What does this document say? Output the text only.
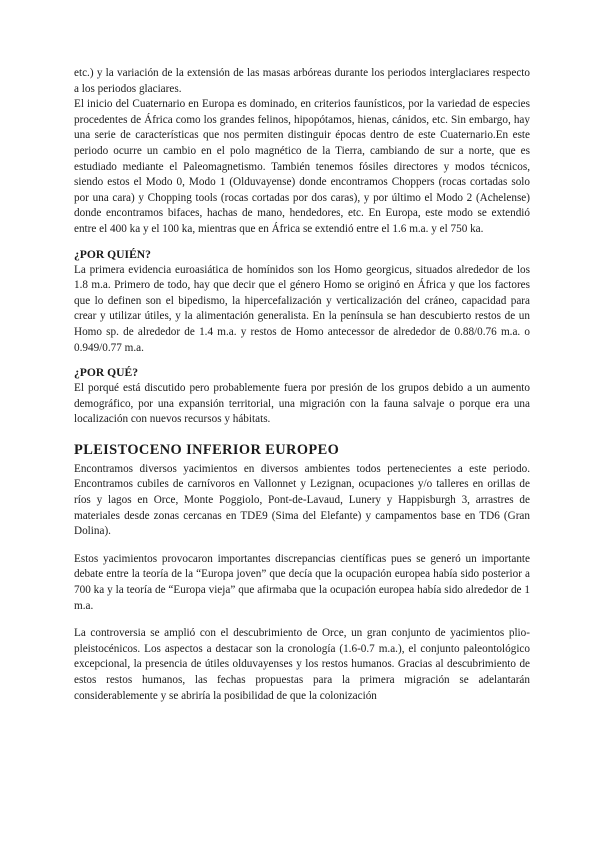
etc.) y la variación de la extensión de las masas arbóreas durante los periodos interglaciares respecto a los periodos glaciares.

El inicio del Cuaternario en Europa es dominado, en criterios faunísticos, por la variedad de especies procedentes de África como los grandes felinos, hipopótamos, hienas, cánidos, etc. Sin embargo, hay una serie de características que nos permiten distinguir épocas dentro de este Cuaternario.En este periodo ocurre un cambio en el polo magnético de la Tierra, cambiando de sur a norte, que es estudiado mediante el Paleomagnetismo. También tenemos fósiles directores y modos técnicos, siendo estos el Modo 0, Modo 1 (Olduvayense) donde encontramos Choppers (rocas cortadas solo por una cara) y Chopping tools (rocas cortadas por dos caras), y por último el Modo 2 (Achelense) donde encontramos bifaces, hachas de mano, hendedores, etc. En Europa, este modo se extendió entre el 400 ka y el 100 ka, mientras que en África se extendió entre el 1.6 m.a. y el 750 ka.

¿POR QUIÉN?

La primera evidencia euroasiática de homínidos son los Homo georgicus, situados alrededor de los 1.8 m.a. Primero de todo, hay que decir que el género Homo se originó en África y que los factores que lo definen son el bipedismo, la hipercefalización y verticalización del cráneo, capacidad para crear y utilizar útiles, y la alimentación generalista. En la península se han descubierto restos de un Homo sp. de alrededor de 1.4 m.a. y restos de Homo antecessor de alrededor de 0.88/0.76 m.a. o 0.949/0.77 m.a.

¿POR QUÉ?

El porqué está discutido pero probablemente fuera por presión de los grupos debido a un aumento demográfico, por una expansión territorial, una migración con la fauna salvaje o porque era una localización con nuevos recursos y hábitats.

PLEISTOCENO INFERIOR EUROPEO

Encontramos diversos yacimientos en diversos ambientes todos pertenecientes a este periodo. Encontramos cubiles de carnívoros en Vallonnet y Lezignan, ocupaciones y/o talleres en orillas de ríos y lagos en Orce, Monte Poggiolo, Pont-de-Lavaud, Lunery y Happisburgh 3, arrastres de materiales desde zonas cercanas en TDE9 (Sima del Elefante) y campamentos base en TD6 (Gran Dolina).

Estos yacimientos provocaron importantes discrepancias científicas pues se generó un importante debate entre la teoría de la “Europa joven” que decía que la ocupación europea había sido posterior a 700 ka y la teoría de “Europa vieja” que afirmaba que la ocupación europea había sido alrededor de 1 m.a.

La controversia se amplió con el descubrimiento de Orce, un gran conjunto de yacimientos plio-pleistocénicos. Los aspectos a destacar son la cronología (1.6-0.7 m.a.), el conjunto paleontológico excepcional, la presencia de útiles olduvayenses y los restos humanos. Gracias al descubrimiento de estos restos humanos, las fechas propuestas para la primera migración se adelantarán considerablemente y se abriría la posibilidad de que la colonización
